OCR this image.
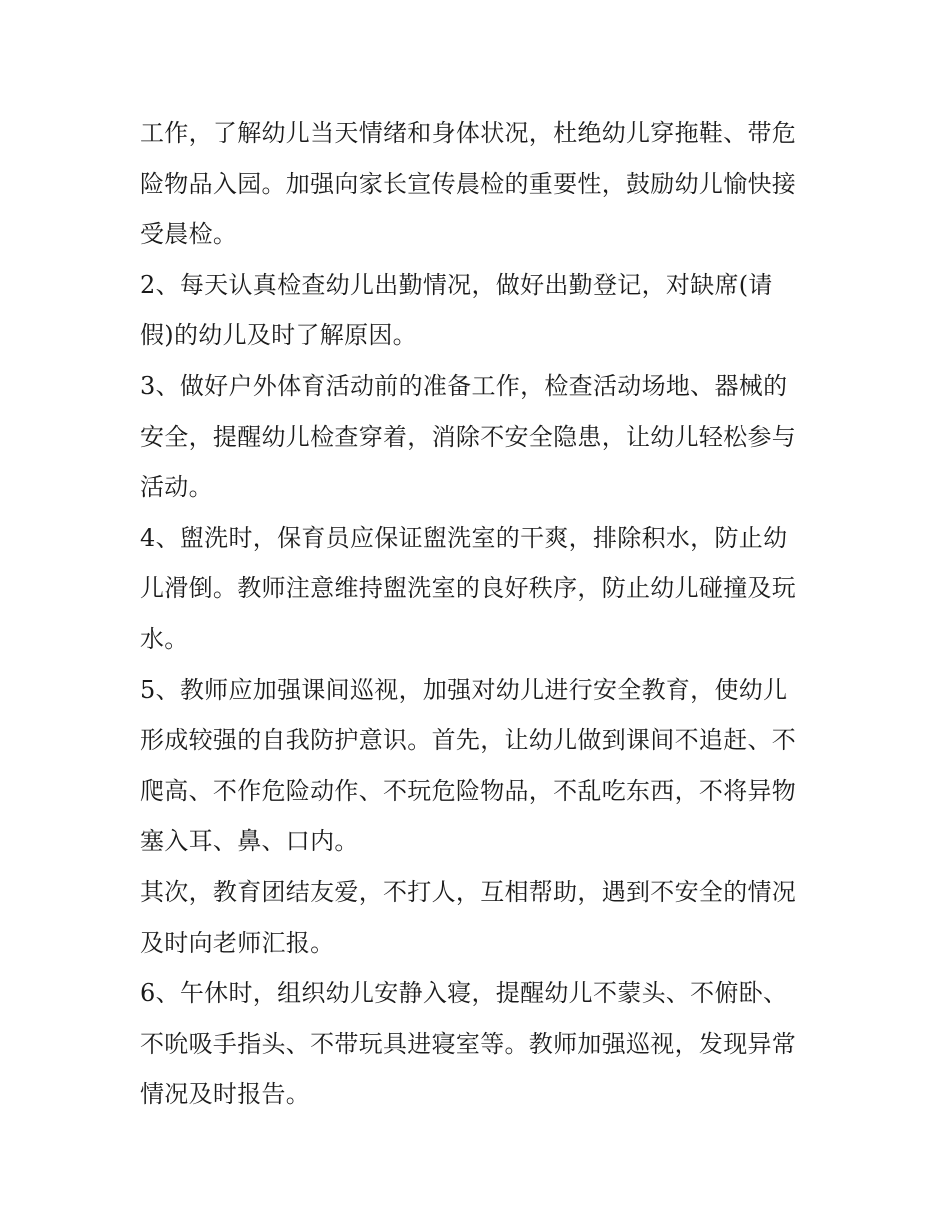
工作，了解幼儿当天情绪和身体状况，杜绝幼儿穿拖鞋、带危
险物品入园。加强向家长宣传晨检的重要性，鼓励幼儿愉快接
受晨检。

2、每天认真检查幼儿出勤情况，做好出勤登记，对缺席(请
假)的幼儿及时了解原因。

3、做好户外体育活动前的准备工作，检查活动场地、器械的
安全，提醒幼儿检查穿着，消除不安全隐患，让幼儿轻松参与
活动。

4、盥洗时，保育员应保证盥洗室的干爽，排除积水，防止幼
儿滑倒。教师注意维持盥洗室的良好秩序，防止幼儿碰撞及玩
水。

5、教师应加强课间巡视，加强对幼儿进行安全教育，使幼儿
形成较强的自我防护意识。首先，让幼儿做到课间不追赶、不
爬高、不作危险动作、不玩危险物品，不乱吃东西，不将异物
塞入耳、鼻、口内。

其次，教育团结友爱，不打人，互相帮助，遇到不安全的情况
及时向老师汇报。

6、午休时，组织幼儿安静入寝，提醒幼儿不蒙头、不俯卧、
不吮吸手指头、不带玩具进寝室等。教师加强巡视，发现异常
情况及时报告。
